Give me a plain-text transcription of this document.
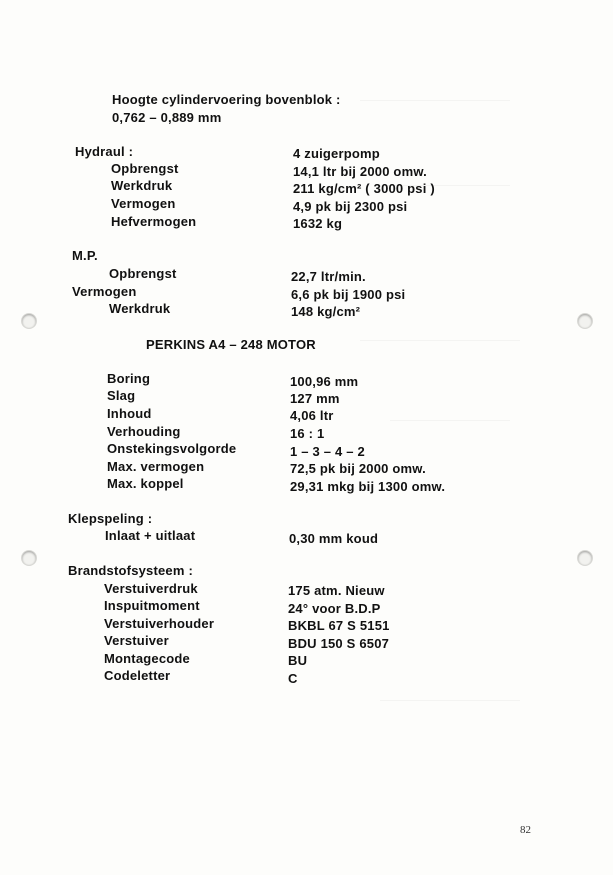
Hoogte cylindervoering bovenblok :
0,762 – 0,889 mm
Hydraul :	4 zuigerpomp
Opbrengst	14,1 ltr bij 2000 omw.
Werkdruk	211 kg/cm² ( 3000 psi )
Vermogen	4,9 pk bij 2300 psi
Hefvermogen	1632 kg
M.P.
Opbrengst	22,7 ltr/min.
Vermogen	6,6 pk bij 1900 psi
Werkdruk	148 kg/cm²
PERKINS A4 – 248 MOTOR
Boring	100,96 mm
Slag	127 mm
Inhoud	4,06 ltr
Verhouding	16 : 1
Onstekingsvolgorde	1 – 3 – 4 – 2
Max. vermogen	72,5 pk bij 2000 omw.
Max. koppel	29,31 mkg bij 1300 omw.
Klepspeling :
Inlaat + uitlaat	0,30 mm koud
Brandstofsysteem :
Verstuiverdruk	175 atm. Nieuw
Inspuitmoment	24° voor B.D.P
Verstuiverhouder	BKBL 67 S 5151
Verstuiver	BDU 150 S 6507
Montagecode	BU
Codeletter	C
82
